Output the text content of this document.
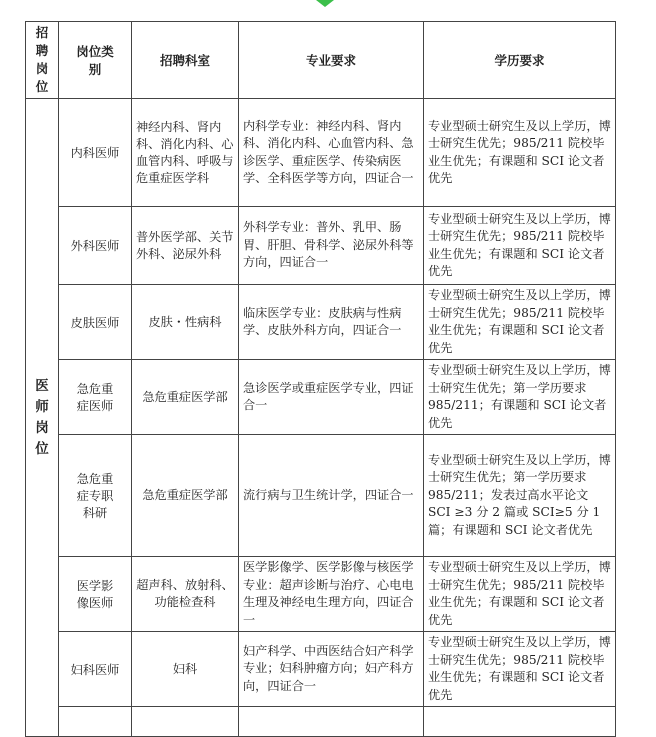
招聘岗位	岗位类别	招聘科室	专业要求	学历要求

医师岗位	内科医师	神经内科、肾内科、消化内科、心血管内科、呼吸与危重症医学科	内科学专业：神经内科、肾内科、消化内科、心血管内科、急诊医学、重症医学、传染病医学、全科医学等方向，四证合一	专业型硕士研究生及以上学历，博士研究生优先；985/211 院校毕业生优先；有课题和 SCI 论文者优先
	外科医师	普外医学部、关节外科、泌尿外科	外科学专业：普外、乳甲、肠胃、肝胆、骨科学、泌尿外科等方向，四证合一	专业型硕士研究生及以上学历，博士研究生优先；985/211 院校毕业生优先；有课题和 SCI 论文者优先
	皮肤医师	皮肤・性病科	临床医学专业：皮肤病与性病学、皮肤外科方向，四证合一	专业型硕士研究生及以上学历，博士研究生优先；985/211 院校毕业生优先；有课题和 SCI 论文者优先
	急危重症医师	急危重症医学部	急诊医学或重症医学专业，四证合一	专业型硕士研究生及以上学历，博士研究生优先；第一学历要求 985/211；有课题和 SCI 论文者优先
	急危重症专职科研	急危重症医学部	流行病与卫生统计学，四证合一	专业型硕士研究生及以上学历，博士研究生优先；第一学历要求 985/211；发表过高水平论文 SCI ≥3 分 2 篇或 SCI≥5 分 1 篇；有课题和 SCI 论文者优先
	医学影像医师	超声科、放射科、功能检查科	医学影像学、医学影像与核医学专业：超声诊断与治疗、心电电生理及神经电生理方向，四证合一	专业型硕士研究生及以上学历，博士研究生优先；985/211 院校毕业生优先；有课题和 SCI 论文者优先
	妇科医师	妇科	妇产科学、中西医结合妇产科学专业；妇科肿瘤方向；妇产科方向，四证合一	专业型硕士研究生及以上学历，博士研究生优先；985/211 院校毕业生优先；有课题和 SCI 论文者优先
